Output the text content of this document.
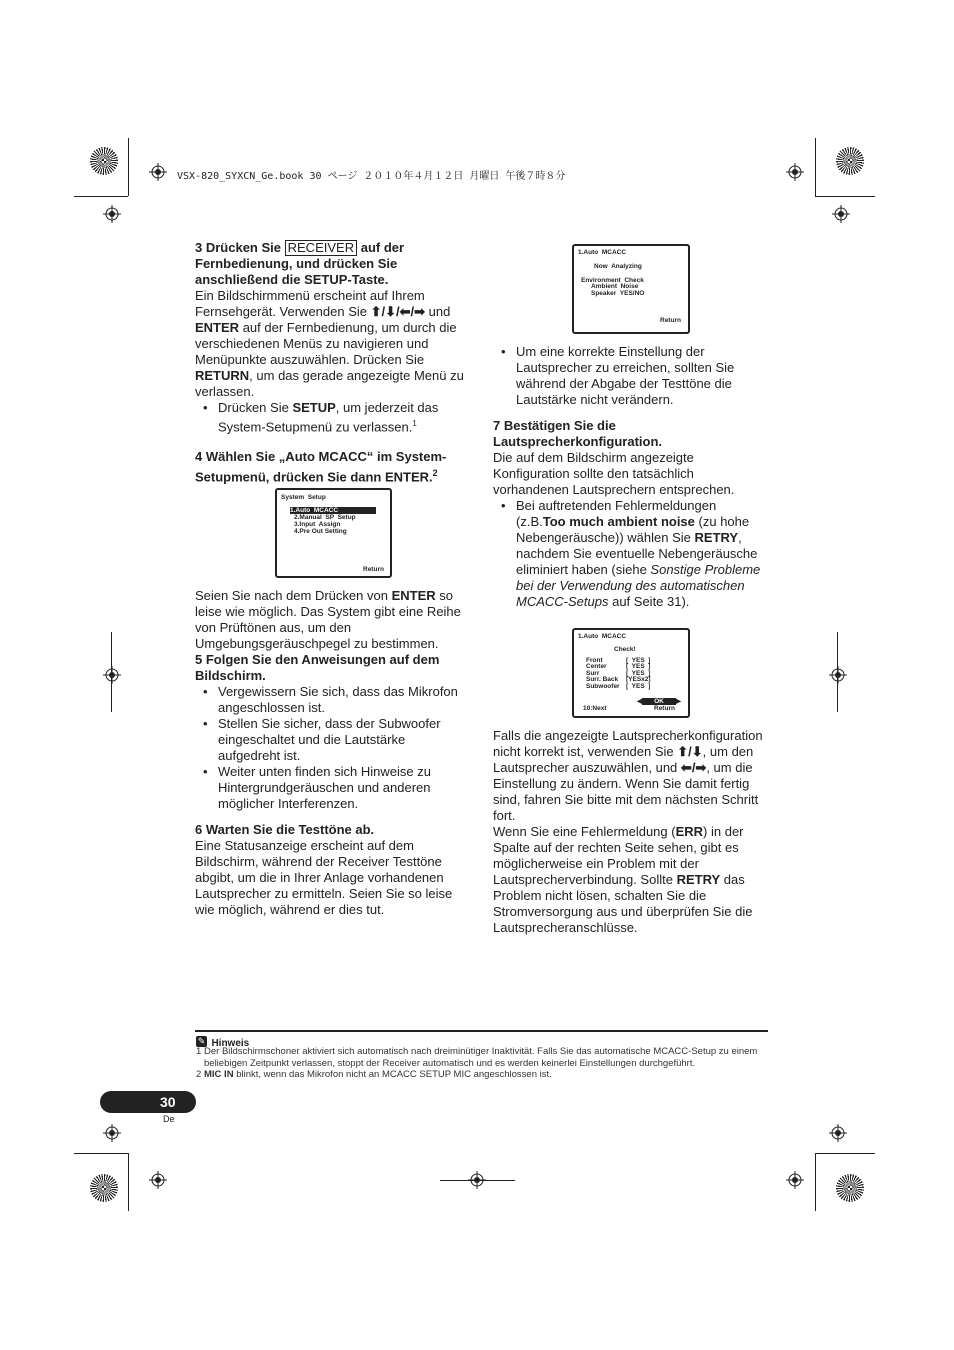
VSX-820_SYXCN_Ge.book 30 ページ ２０１０年４月１２日 月曜日 午後７時８分

3 Drücken Sie RECEIVER auf der Fernbedienung, und drücken Sie anschließend die SETUP-Taste.

Ein Bildschirmmenü erscheint auf Ihrem Fernsehgerät. Verwenden Sie ⬆/⬇/⬅/➡ und ENTER auf der Fernbedienung, um durch die verschiedenen Menüs zu navigieren und Menüpunkte auszuwählen. Drücken Sie RETURN, um das gerade angezeigte Menü zu verlassen.

• Drücken Sie SETUP, um jederzeit das System-Setupmenü zu verlassen.$^1$

4 Wählen Sie „Auto MCACC“ im System-Setupmenü, drücken Sie dann ENTER.$^2$

System  Setup
1.Auto  MCACC
2.Manual  SP  Setup
3.Input  Assign
4.Pre Out Setting
Return

Seien Sie nach dem Drücken von ENTER so leise wie möglich. Das System gibt eine Reihe von Prüftönen aus, um den Umgebungsgeräuschpegel zu bestimmen.

5 Folgen Sie den Anweisungen auf dem Bildschirm.

• Vergewissern Sie sich, dass das Mikrofon angeschlossen ist.

• Stellen Sie sicher, dass der Subwoofer eingeschaltet und die Lautstärke aufgedreht ist.

• Weiter unten finden sich Hinweise zu Hintergrundgeräuschen und anderen möglicher Interferenzen.

6 Warten Sie die Testtöne ab.

Eine Statusanzeige erscheint auf dem Bildschirm, während der Receiver Testtöne abgibt, um die in Ihrer Anlage vorhandenen Lautsprecher zu ermitteln. Seien Sie so leise wie möglich, während er dies tut.

1.Auto  MCACC
Now  Analyzing
Environment  Check
Ambient  Noise
Speaker  YES/NO
Return

• Um eine korrekte Einstellung der Lautsprecher zu erreichen, sollten Sie während der Abgabe der Testtöne die Lautstärke nicht verändern.

7 Bestätigen Sie die Lautsprecherkonfiguration.

Die auf dem Bildschirm angezeigte Konfiguration sollte den tatsächlich vorhandenen Lautsprechern entsprechen.

• Bei auftretenden Fehlermeldungen (z.B.Too much ambient noise (zu hohe Nebengeräusche)) wählen Sie RETRY, nachdem Sie eventuelle Nebengeräusche eliminiert haben (siehe Sonstige Probleme bei der Verwendung des automatischen MCACC-Setups auf Seite 31).

1.Auto  MCACC
Check!
Front	[  YES  ]
Center	[  YES  ]
Surr	[  YES  ]
Surr. Back [YESx2]
Subwoofer [  YES  ]
OK
◀	▶
10:Next	Return

Falls die angezeigte Lautsprecherkonfiguration nicht korrekt ist, verwenden Sie ⬆/⬇, um den Lautsprecher auszuwählen, und ⬅/➡, um die Einstellung zu ändern. Wenn Sie damit fertig sind, fahren Sie bitte mit dem nächsten Schritt fort.

Wenn Sie eine Fehlermeldung (ERR) in der Spalte auf der rechten Seite sehen, gibt es möglicherweise ein Problem mit der Lautsprecherverbindung. Sollte RETRY das Problem nicht lösen, schalten Sie die Stromversorgung aus und überprüfen Sie die Lautsprecheranschlüsse.

✎ Hinweis
1 Der Bildschirmschoner aktiviert sich automatisch nach dreiminütiger Inaktivität. Falls Sie das automatische MCACC-Setup zu einem beliebigen Zeitpunkt verlassen, stoppt der Receiver automatisch und es werden keinerlei Einstellungen durchgeführt.
2 MIC IN blinkt, wenn das Mikrofon nicht an MCACC SETUP MIC angeschlossen ist.
30
De
